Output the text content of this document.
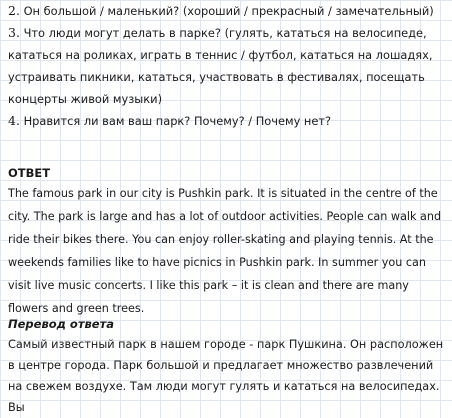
2. Он большой / маленький? (хороший / прекрасный / замечательный)

3. Что люди могут делать в парке? (гулять, кататься на велосипеде, кататься на роликах, играть в теннис / футбол, кататься на лошадях, устраивать пикники, кататься, участвовать в фестивалях, посещать концерты живой музыки)

4. Нравится ли вам ваш парк? Почему? / Почему нет?

ОТВЕТ

The famous park in our city is Pushkin park. It is situated in the centre of the city. The park is large and has a lot of outdoor activities. People can walk and ride their bikes there. You can enjoy roller-skating and playing tennis. At the weekends families like to have picnics in Pushkin park. In summer you can visit live music concerts. I like this park – it is clean and there are many flowers and green trees.

Перевод ответа

Самый известный парк в нашем городе - парк Пушкина. Он расположен в центре города. Парк большой и предлагает множество развлечений на свежем воздухе. Там люди могут гулять и кататься на велосипедах. Вы
